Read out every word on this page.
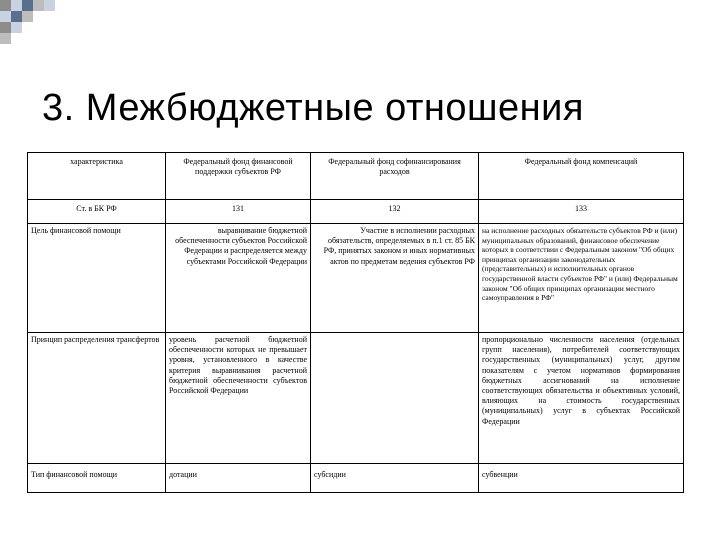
3. Межбюджетные отношения
характеристика	Федеральный фонд финансовой поддержки субъектов РФ	Федеральный фонд софинансирования расходов	Федеральный фонд компенсаций
Ст. в БК РФ	131	132	133
Цель финансовой помощи	выравнивание бюджетной обеспеченности субъектов Российской Федерации и распределяется между субъектами Российской Федерации	Участие в исполнении расходных обязательств, определяемых в п.1 ст. 85 БК РФ, принятых законом и иных нормативных актов по предметам ведения субъектов РФ	на исполнение расходных обязательств субъектов РФ и (или) муниципальных образований, финансовое обеспечение которых в соответствии с Федеральным законом "Об общих принципах организации законодательных (представительных) и исполнительных органов государственной власти субъектов РФ" и (или) Федеральным законом "Об общих принципах организации местного самоуправления в РФ"
Принцип распределения трансфертов	уровень расчетной бюджетной обеспеченности которых не превышает уровня, установленного в качестве критерия выравнивания расчетной бюджетной обеспеченности субъектов Российской Федерации		пропорционально численности населения (отдельных групп населения), потребителей соответствующих государственных (муниципальных) услуг, другим показателям с учетом нормативов формирования бюджетных ассигнований на исполнение соответствующих обязательства и объективных условий, влияющих на стоимость государственных (муниципальных) услуг в субъектах Российской Федерации
Тип финансовой помощи	дотации	субсидии	субвенции
